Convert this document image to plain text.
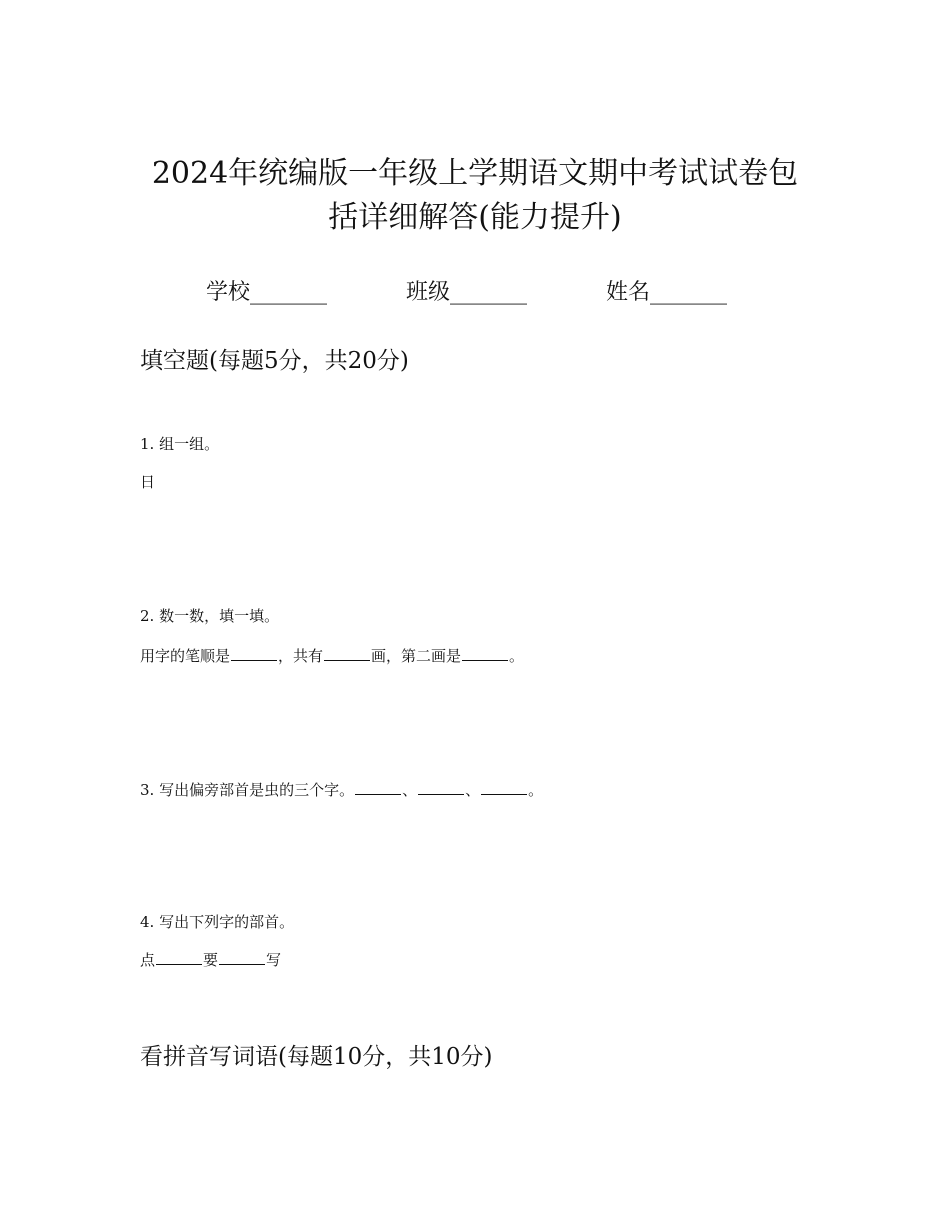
2024年统编版一年级上学期语文期中考试试卷包
括详细解答(能力提升)
学校_______	班级_______	姓名_______
填空题(每题5分，共20分)
1. 组一组。
日
2. 数一数，填一填。
用字的笔顺是	，共有	画，第二画是	。
3. 写出偏旁部首是虫的三个字。	、	、	。
4. 写出下列字的部首。
点	要	写
看拼音写词语(每题10分，共10分)
